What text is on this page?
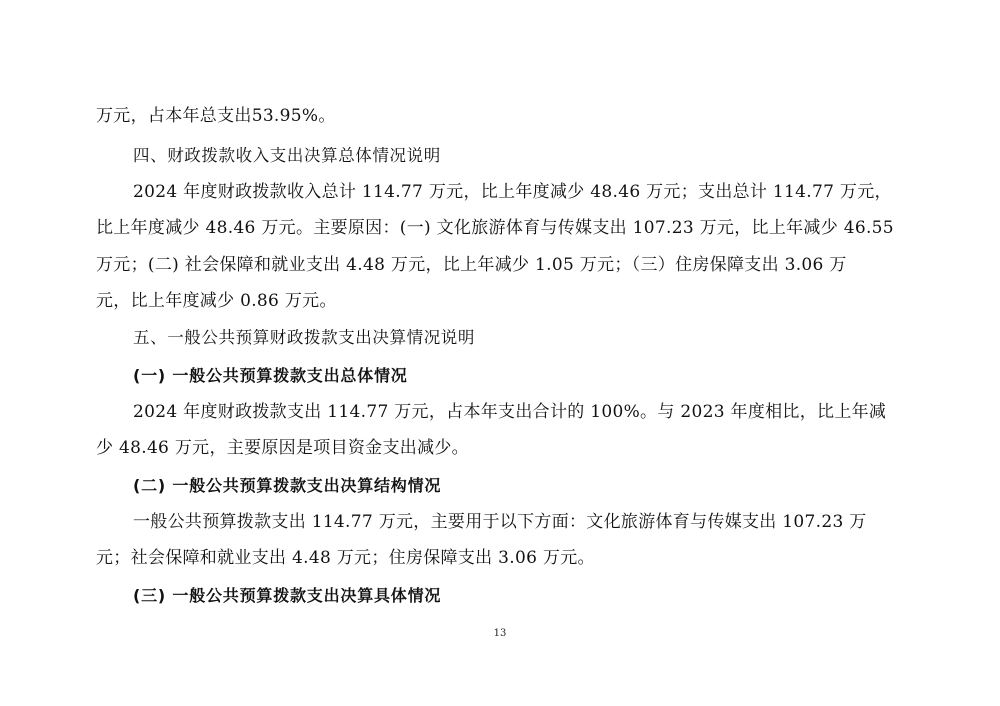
万元，占本年总支出53.95%。
四、财政拨款收入支出决算总体情况说明
2024 年度财政拨款收入总计 114.77 万元，比上年度减少 48.46 万元；支出总计 114.77 万元，
比上年度减少 48.46 万元。主要原因：(一) 文化旅游体育与传媒支出 107.23 万元，比上年减少 46.55
万元；(二) 社会保障和就业支出 4.48 万元，比上年减少 1.05 万元；（三）住房保障支出 3.06 万
元，比上年度减少 0.86 万元。
五、一般公共预算财政拨款支出决算情况说明
(一) 一般公共预算拨款支出总体情况
2024 年度财政拨款支出 114.77 万元，占本年支出合计的 100%。与 2023 年度相比，比上年减
少 48.46 万元，主要原因是项目资金支出减少。
(二) 一般公共预算拨款支出决算结构情况
一般公共预算拨款支出 114.77 万元，主要用于以下方面：文化旅游体育与传媒支出 107.23 万
元；社会保障和就业支出 4.48 万元；住房保障支出 3.06 万元。
(三) 一般公共预算拨款支出决算具体情况
13
